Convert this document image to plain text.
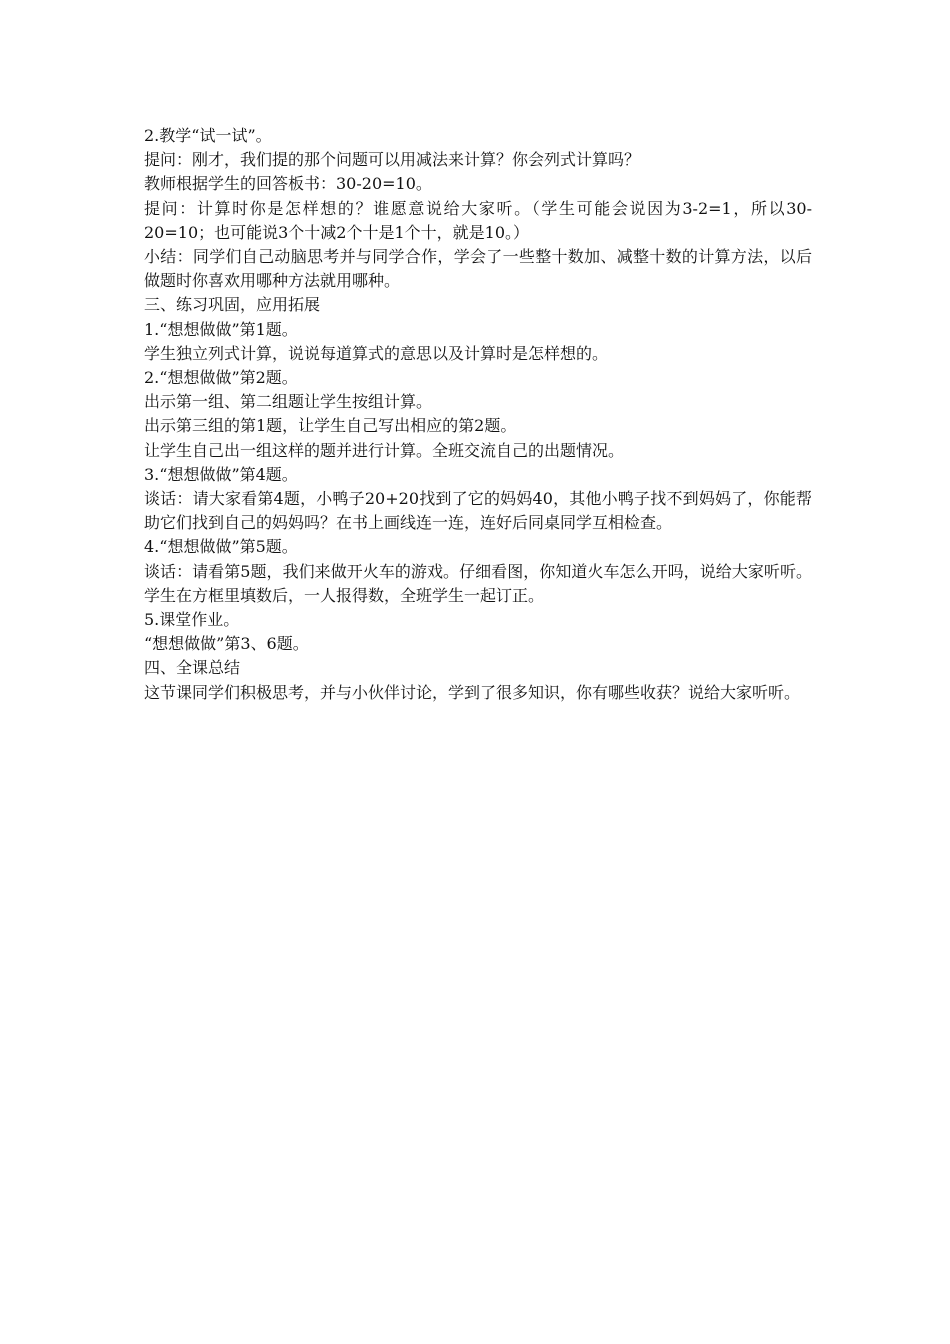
2.教学“试一试”。
提问：刚才，我们提的那个问题可以用减法来计算？你会列式计算吗？
教师根据学生的回答板书：30-20=10。
提问：计算时你是怎样想的？谁愿意说给大家听。（学生可能会说因为3-2=1，所以30-20=10；也可能说3个十减2个十是1个十，就是10。）
小结：同学们自己动脑思考并与同学合作，学会了一些整十数加、减整十数的计算方法，以后做题时你喜欢用哪种方法就用哪种。
三、练习巩固，应用拓展
1.“想想做做”第1题。
学生独立列式计算，说说每道算式的意思以及计算时是怎样想的。
2.“想想做做”第2题。
出示第一组、第二组题让学生按组计算。
出示第三组的第1题，让学生自己写出相应的第2题。
让学生自己出一组这样的题并进行计算。全班交流自己的出题情况。
3.“想想做做”第4题。
谈话：请大家看第4题，小鸭子20+20找到了它的妈妈40，其他小鸭子找不到妈妈了，你能帮助它们找到自己的妈妈吗？在书上画线连一连，连好后同桌同学互相检查。
4.“想想做做”第5题。
谈话：请看第5题，我们来做开火车的游戏。仔细看图，你知道火车怎么开吗，说给大家听听。学生在方框里填数后，一人报得数，全班学生一起订正。
5.课堂作业。
“想想做做”第3、6题。
四、全课总结
这节课同学们积极思考，并与小伙伴讨论，学到了很多知识，你有哪些收获？说给大家听听。
